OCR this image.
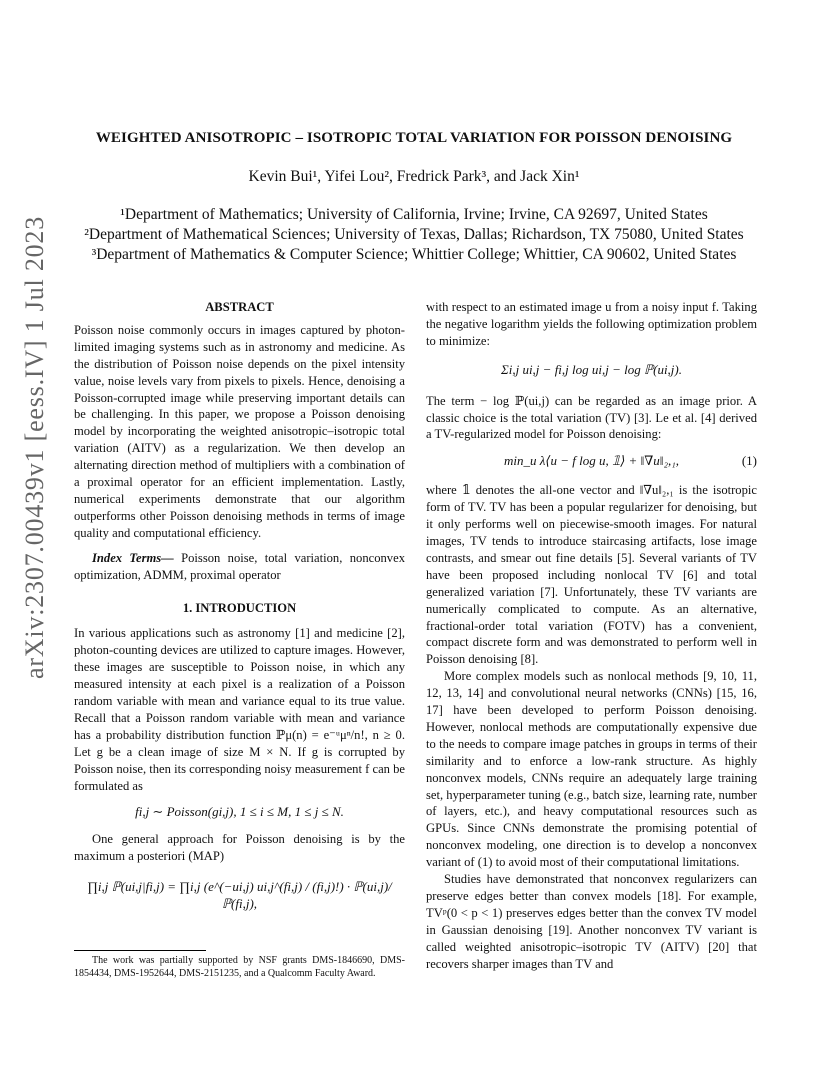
arXiv:2307.00439v1 [eess.IV] 1 Jul 2023
WEIGHTED ANISOTROPIC – ISOTROPIC TOTAL VARIATION FOR POISSON DENOISING
Kevin Bui¹, Yifei Lou², Fredrick Park³, and Jack Xin¹
¹Department of Mathematics; University of California, Irvine; Irvine, CA 92697, United States
²Department of Mathematical Sciences; University of Texas, Dallas; Richardson, TX 75080, United States
³Department of Mathematics & Computer Science; Whittier College; Whittier, CA 90602, United States
ABSTRACT

Poisson noise commonly occurs in images captured by photon-limited imaging systems such as in astronomy and medicine. As the distribution of Poisson noise depends on the pixel intensity value, noise levels vary from pixels to pixels. Hence, denoising a Poisson-corrupted image while preserving important details can be challenging. In this paper, we propose a Poisson denoising model by incorporating the weighted anisotropic–isotropic total variation (AITV) as a regularization. We then develop an alternating direction method of multipliers with a combination of a proximal operator for an efficient implementation. Lastly, numerical experiments demonstrate that our algorithm outperforms other Poisson denoising methods in terms of image quality and computational efficiency.

Index Terms— Poisson noise, total variation, nonconvex optimization, ADMM, proximal operator

1. INTRODUCTION

In various applications such as astronomy [1] and medicine [2], photon-counting devices are utilized to capture images. However, these images are susceptible to Poisson noise, in which any measured intensity at each pixel is a realization of a Poisson random variable with mean and variance equal to its true value. Recall that a Poisson random variable with mean and variance has a probability distribution function ℙμ(n) = e⁻ᵘμⁿ/n!, n ≥ 0. Let g be a clean image of size M × N. If g is corrupted by Poisson noise, then its corresponding noisy measurement f can be formulated as

fi,j ∼ Poisson(gi,j), 1 ≤ i ≤ M, 1 ≤ j ≤ N.

One general approach for Poisson denoising is by the maximum a posteriori (MAP)

∏i,j ℙ(ui,j|fi,j) = ∏i,j (e^(−ui,j) ui,j^(fi,j) / (fi,j)!) · ℙ(ui,j)/ℙ(fi,j),

The work was partially supported by NSF grants DMS-1846690, DMS-1854434, DMS-1952644, DMS-2151235, and a Qualcomm Faculty Award.

with respect to an estimated image u from a noisy input f. Taking the negative logarithm yields the following optimization problem to minimize:

Σi,j ui,j − fi,j log ui,j − log ℙ(ui,j).

The term − log ℙ(ui,j) can be regarded as an image prior. A classic choice is the total variation (TV) [3]. Le et al. [4] derived a TV-regularized model for Poisson denoising:

min_u λ⟨u − f log u, 𝟙⟩ + ‖∇u‖₂,₁,	(1)

where 𝟙 denotes the all-one vector and ‖∇u‖₂,₁ is the isotropic form of TV. TV has been a popular regularizer for denoising, but it only performs well on piecewise-smooth images. For natural images, TV tends to introduce staircasing artifacts, lose image contrasts, and smear out fine details [5]. Several variants of TV have been proposed including nonlocal TV [6] and total generalized variation [7]. Unfortunately, these TV variants are numerically complicated to compute. As an alternative, fractional-order total variation (FOTV) has a convenient, compact discrete form and was demonstrated to perform well in Poisson denoising [8].

More complex models such as nonlocal methods [9, 10, 11, 12, 13, 14] and convolutional neural networks (CNNs) [15, 16, 17] have been developed to perform Poisson denoising. However, nonlocal methods are computationally expensive due to the needs to compare image patches in groups in terms of their similarity and to enforce a low-rank structure. As highly nonconvex models, CNNs require an adequately large training set, hyperparameter tuning (e.g., batch size, learning rate, number of layers, etc.), and heavy computational resources such as GPUs. Since CNNs demonstrate the promising potential of nonconvex modeling, one direction is to develop a nonconvex variant of (1) to avoid most of their computational limitations.

Studies have demonstrated that nonconvex regularizers can preserve edges better than convex models [18]. For example, TVᵖ(0 < p < 1) preserves edges better than the convex TV model in Gaussian denoising [19]. Another nonconvex TV variant is called weighted anisotropic–isotropic TV (AITV) [20] that recovers sharper images than TV and
